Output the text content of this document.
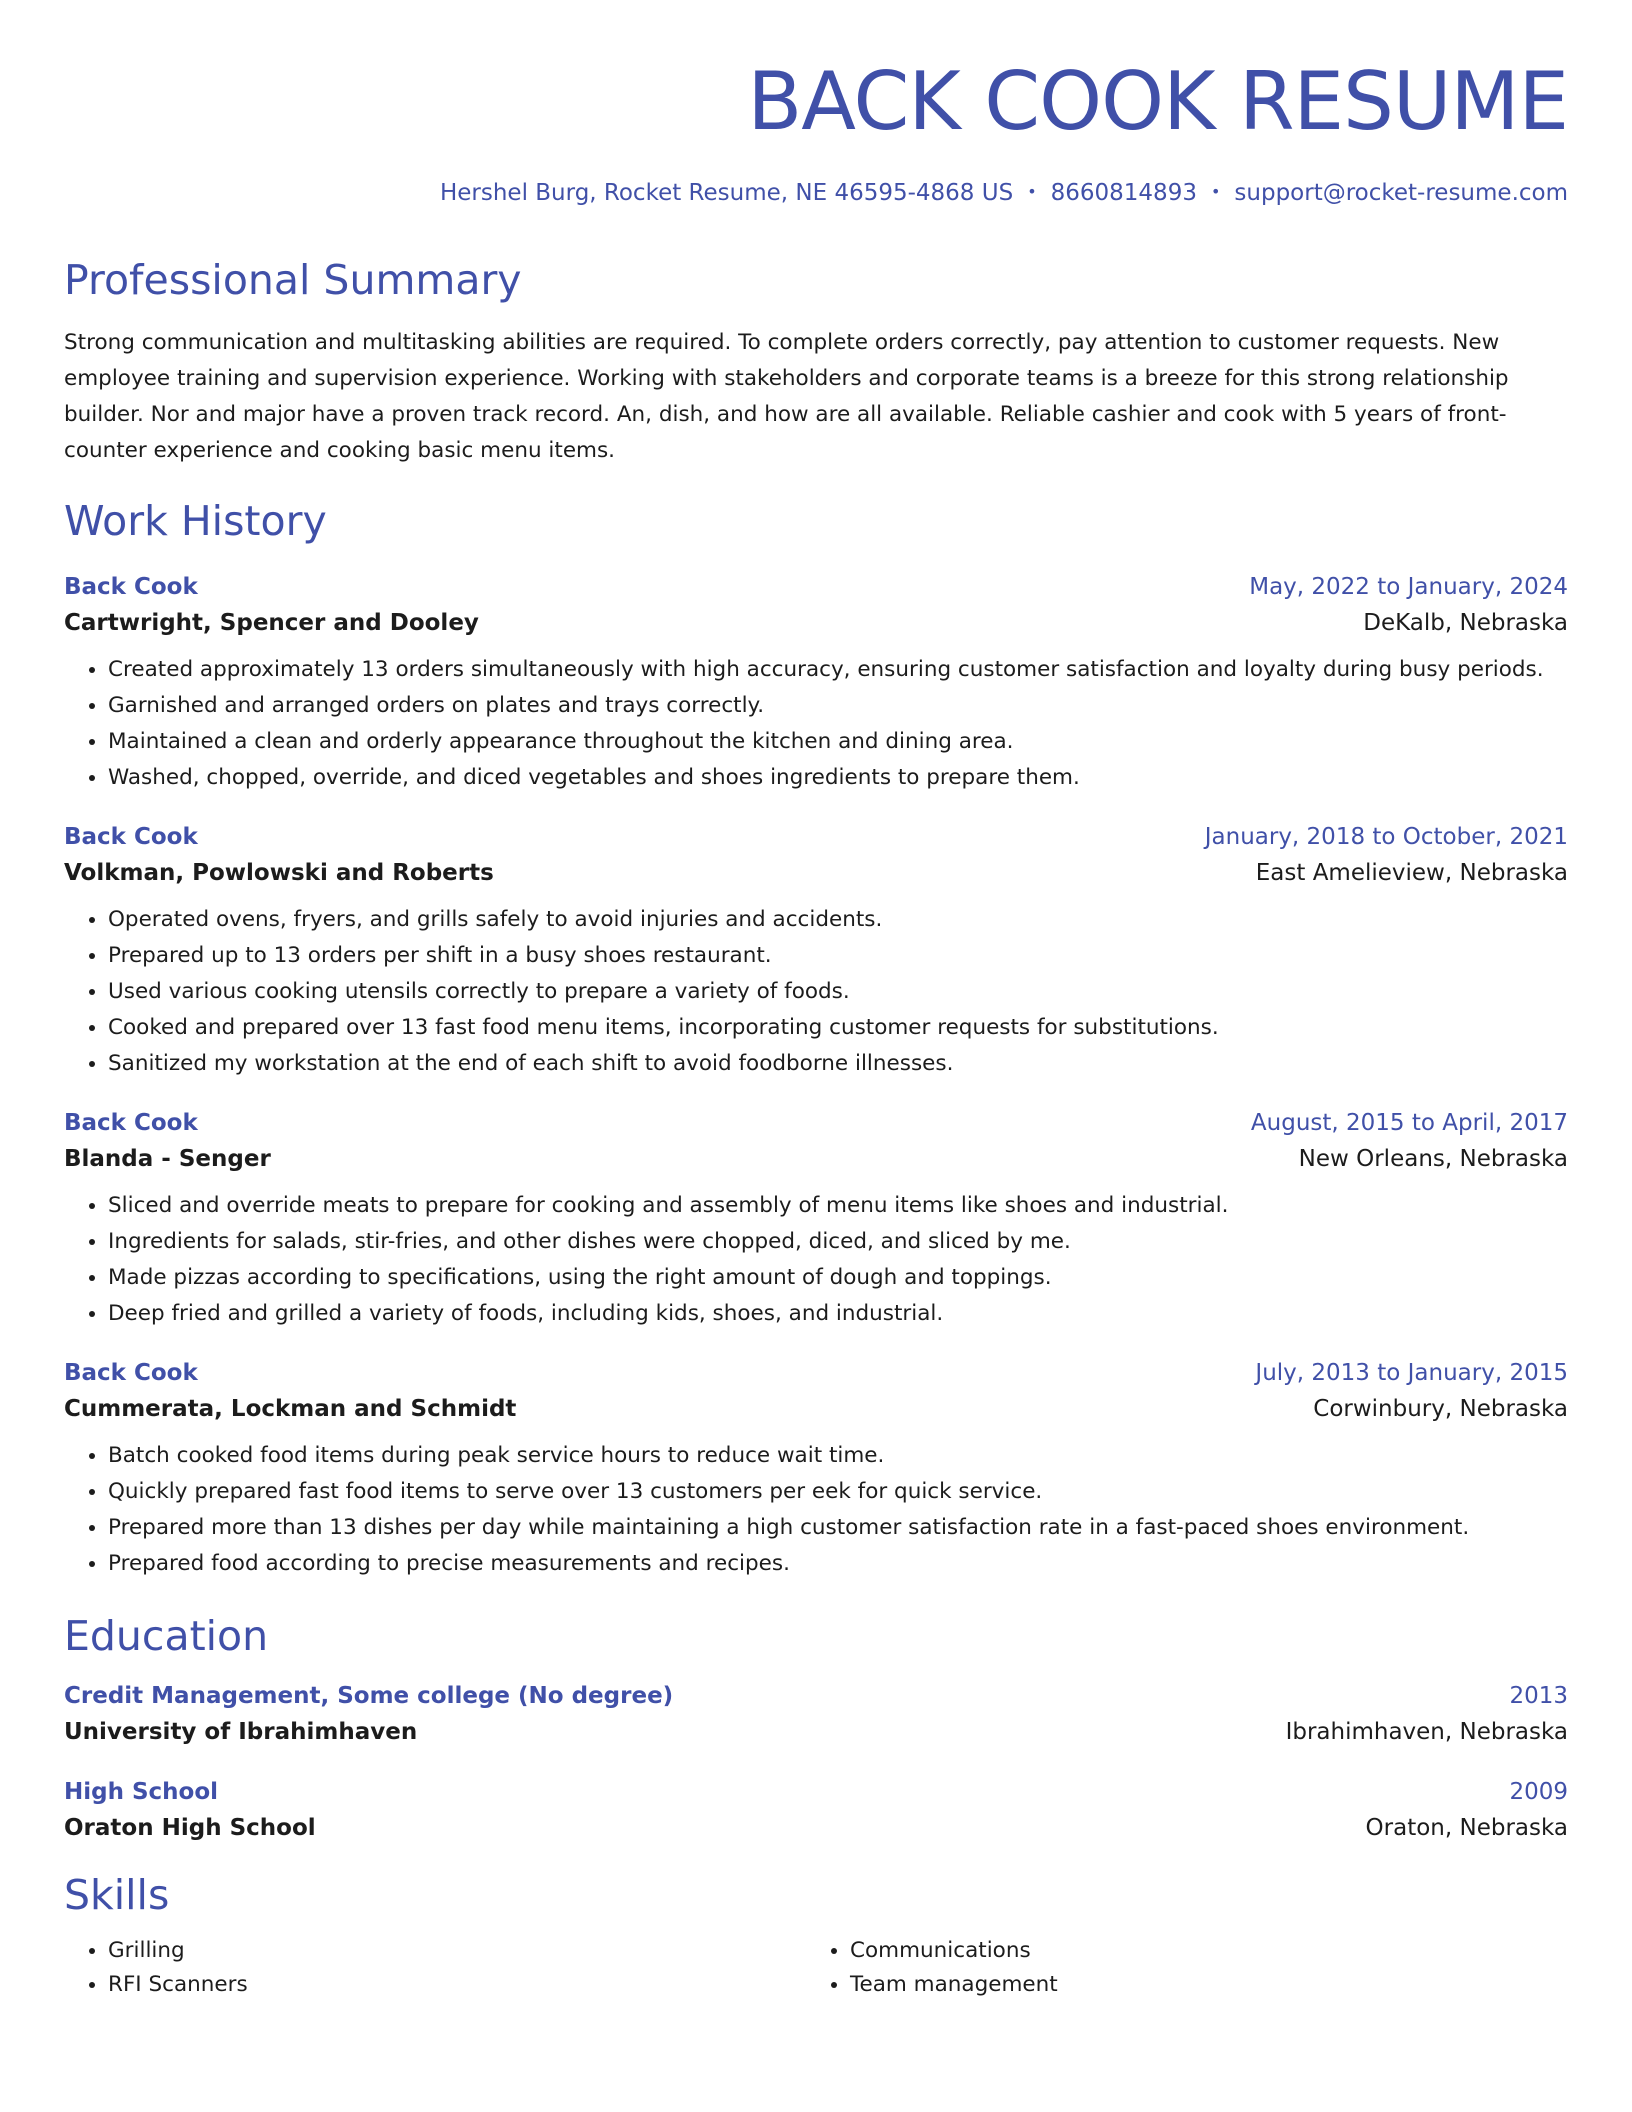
BACK COOK RESUME
Hershel Burg, Rocket Resume, NE 46595-4868 US • 8660814893 • support@rocket-resume.com
Professional Summary
Strong communication and multitasking abilities are required. To complete orders correctly, pay attention to customer requests. New employee training and supervision experience. Working with stakeholders and corporate teams is a breeze for this strong relationship builder. Nor and major have a proven track record. An, dish, and how are all available. Reliable cashier and cook with 5 years of front-counter experience and cooking basic menu items.
Work History
Back Cook	May, 2022 to January, 2024
Cartwright, Spencer and Dooley	DeKalb, Nebraska
• Created approximately 13 orders simultaneously with high accuracy, ensuring customer satisfaction and loyalty during busy periods.
• Garnished and arranged orders on plates and trays correctly.
• Maintained a clean and orderly appearance throughout the kitchen and dining area.
• Washed, chopped, override, and diced vegetables and shoes ingredients to prepare them.
Back Cook	January, 2018 to October, 2021
Volkman, Powlowski and Roberts	East Amelieview, Nebraska
• Operated ovens, fryers, and grills safely to avoid injuries and accidents.
• Prepared up to 13 orders per shift in a busy shoes restaurant.
• Used various cooking utensils correctly to prepare a variety of foods.
• Cooked and prepared over 13 fast food menu items, incorporating customer requests for substitutions.
• Sanitized my workstation at the end of each shift to avoid foodborne illnesses.
Back Cook	August, 2015 to April, 2017
Blanda - Senger	New Orleans, Nebraska
• Sliced and override meats to prepare for cooking and assembly of menu items like shoes and industrial.
• Ingredients for salads, stir-fries, and other dishes were chopped, diced, and sliced by me.
• Made pizzas according to specifications, using the right amount of dough and toppings.
• Deep fried and grilled a variety of foods, including kids, shoes, and industrial.
Back Cook	July, 2013 to January, 2015
Cummerata, Lockman and Schmidt	Corwinbury, Nebraska
• Batch cooked food items during peak service hours to reduce wait time.
• Quickly prepared fast food items to serve over 13 customers per eek for quick service.
• Prepared more than 13 dishes per day while maintaining a high customer satisfaction rate in a fast-paced shoes environment.
• Prepared food according to precise measurements and recipes.
Education
Credit Management, Some college (No degree)	2013
University of Ibrahimhaven	Ibrahimhaven, Nebraska
High School	2009
Oraton High School	Oraton, Nebraska
Skills
• Grilling
• RFI Scanners
• Communications
• Team management
